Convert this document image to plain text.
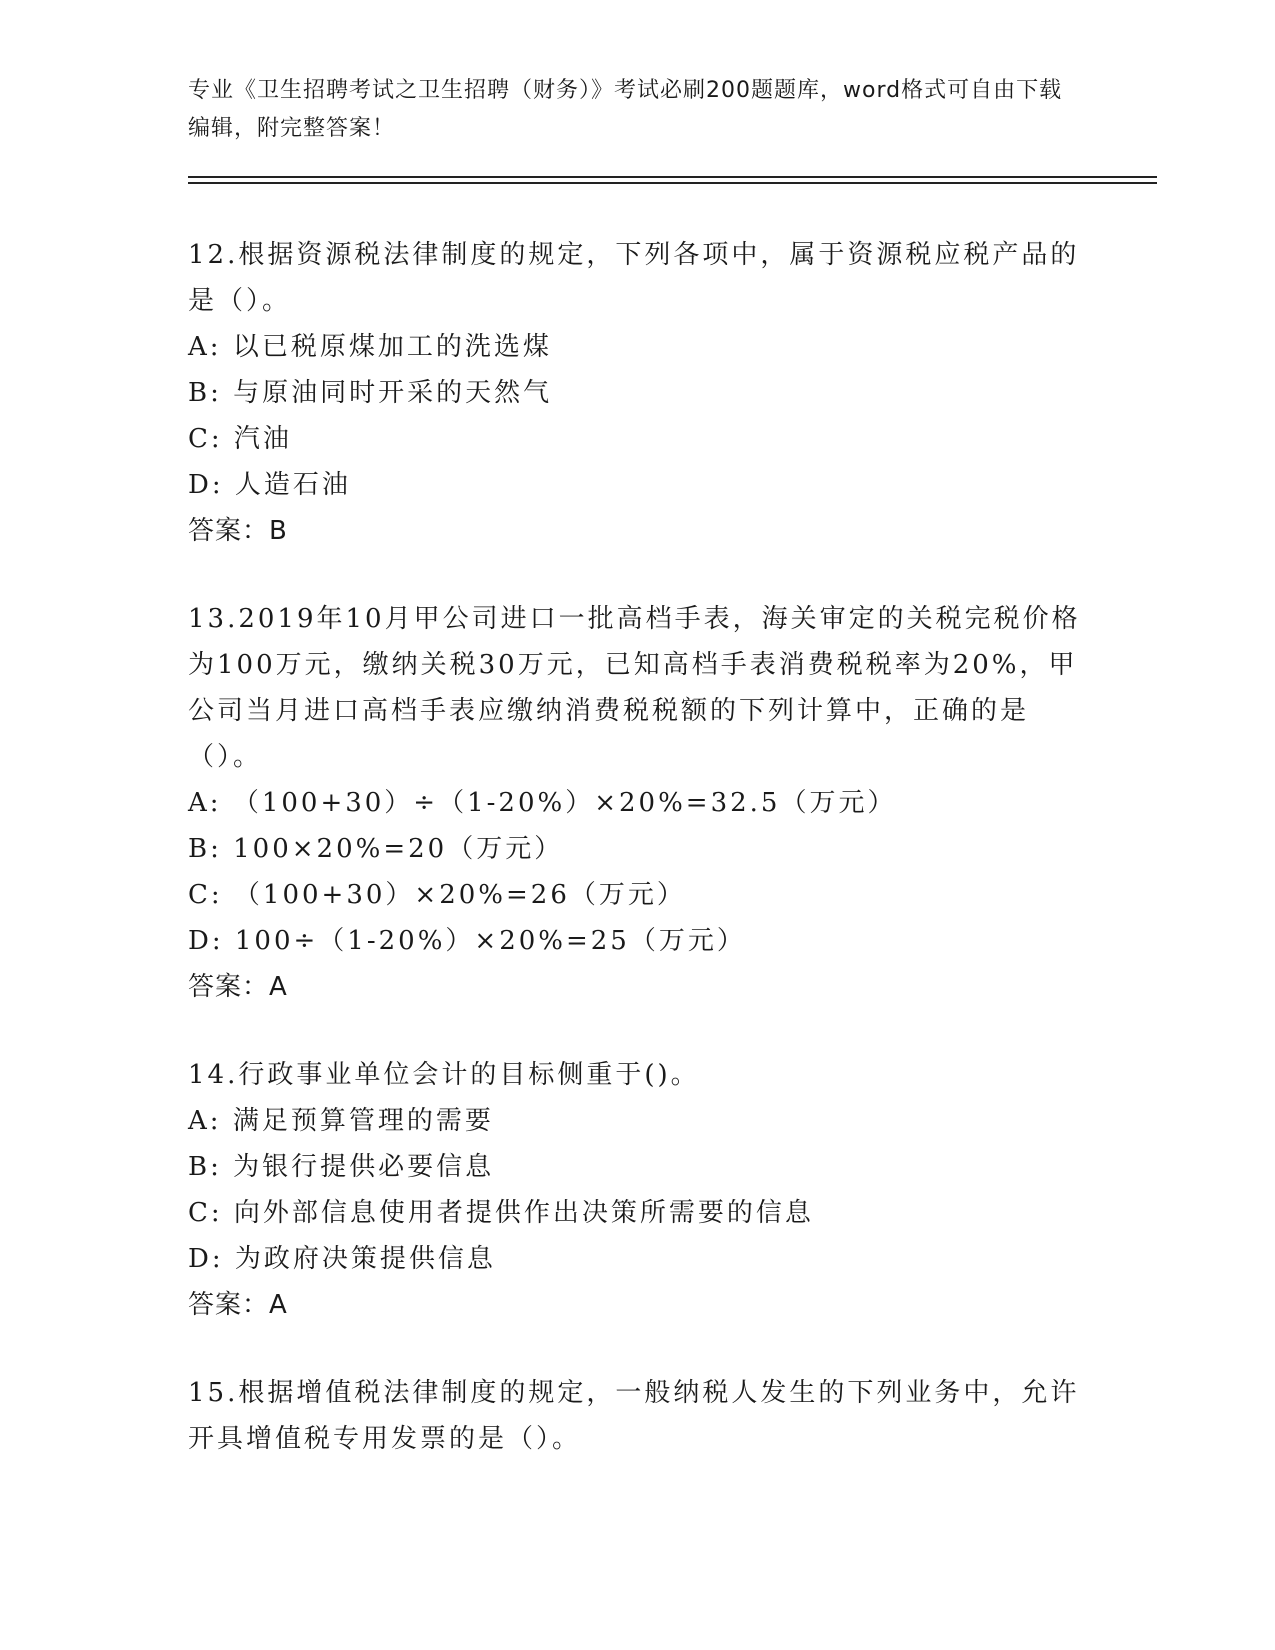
专业《卫生招聘考试之卫生招聘（财务）》考试必刷200题题库，word格式可自由下载编辑，附完整答案！

12.根据资源税法律制度的规定，下列各项中，属于资源税应税产品的是（）。

A: 以已税原煤加工的洗选煤

B: 与原油同时开采的天然气

C: 汽油

D: 人造石油

答案：B

13.2019年10月甲公司进口一批高档手表，海关审定的关税完税价格为100万元，缴纳关税30万元，已知高档手表消费税税率为20%，甲公司当月进口高档手表应缴纳消费税税额的下列计算中，正确的是（）。

A: （100+30）÷（1-20%）×20%=32.5（万元）

B: 100×20%=20（万元）

C: （100+30）×20%=26（万元）

D: 100÷（1-20%）×20%=25（万元）

答案：A

14.行政事业单位会计的目标侧重于()。

A: 满足预算管理的需要

B: 为银行提供必要信息

C: 向外部信息使用者提供作出决策所需要的信息

D: 为政府决策提供信息

答案：A

15.根据增值税法律制度的规定，一般纳税人发生的下列业务中，允许开具增值税专用发票的是（）。
